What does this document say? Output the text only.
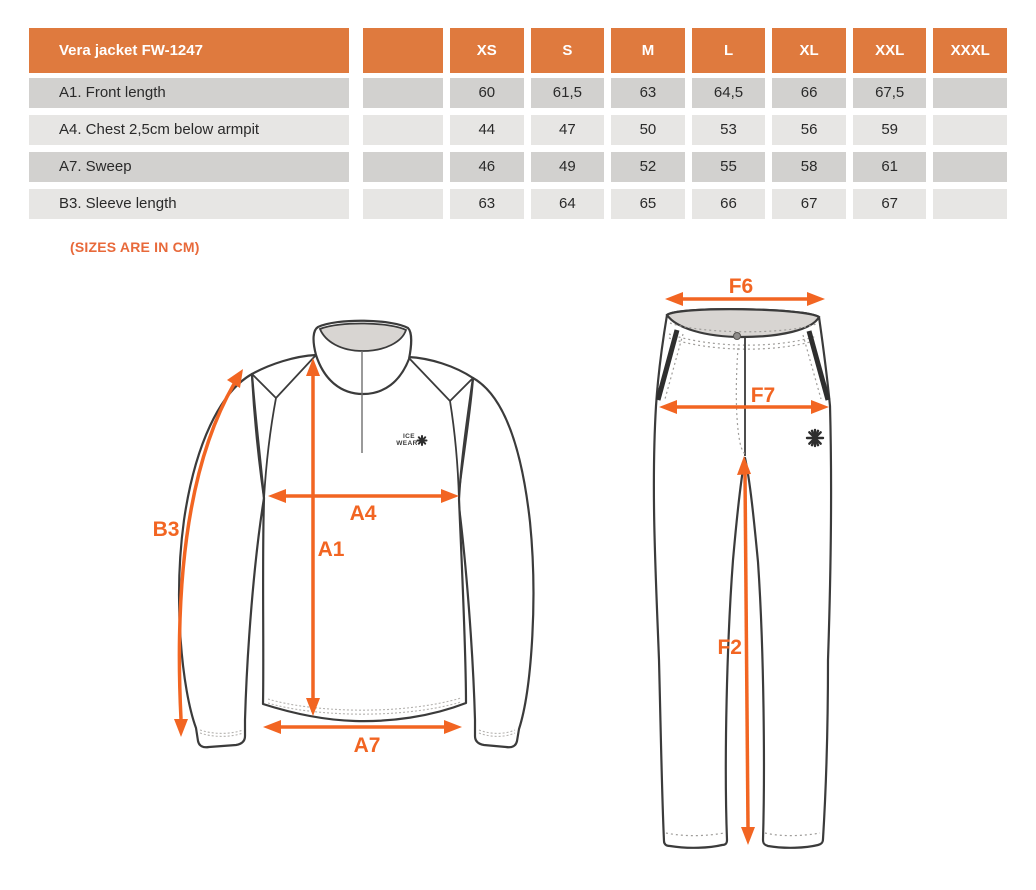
Vera jacket FW-1247	XS	S	M	L	XL	XXL	XXXL
A1. Front length	60	61,5	63	64,5	66	67,5
A4. Chest 2,5cm below armpit	44	47	50	53	56	59
A7. Sweep	46	49	52	55	58	61
B3. Sleeve length	63	64	65	66	67	67
(SIZES ARE IN CM)
ICE
WEAR
B3
A1
A4
A7
F6
F7
F2
